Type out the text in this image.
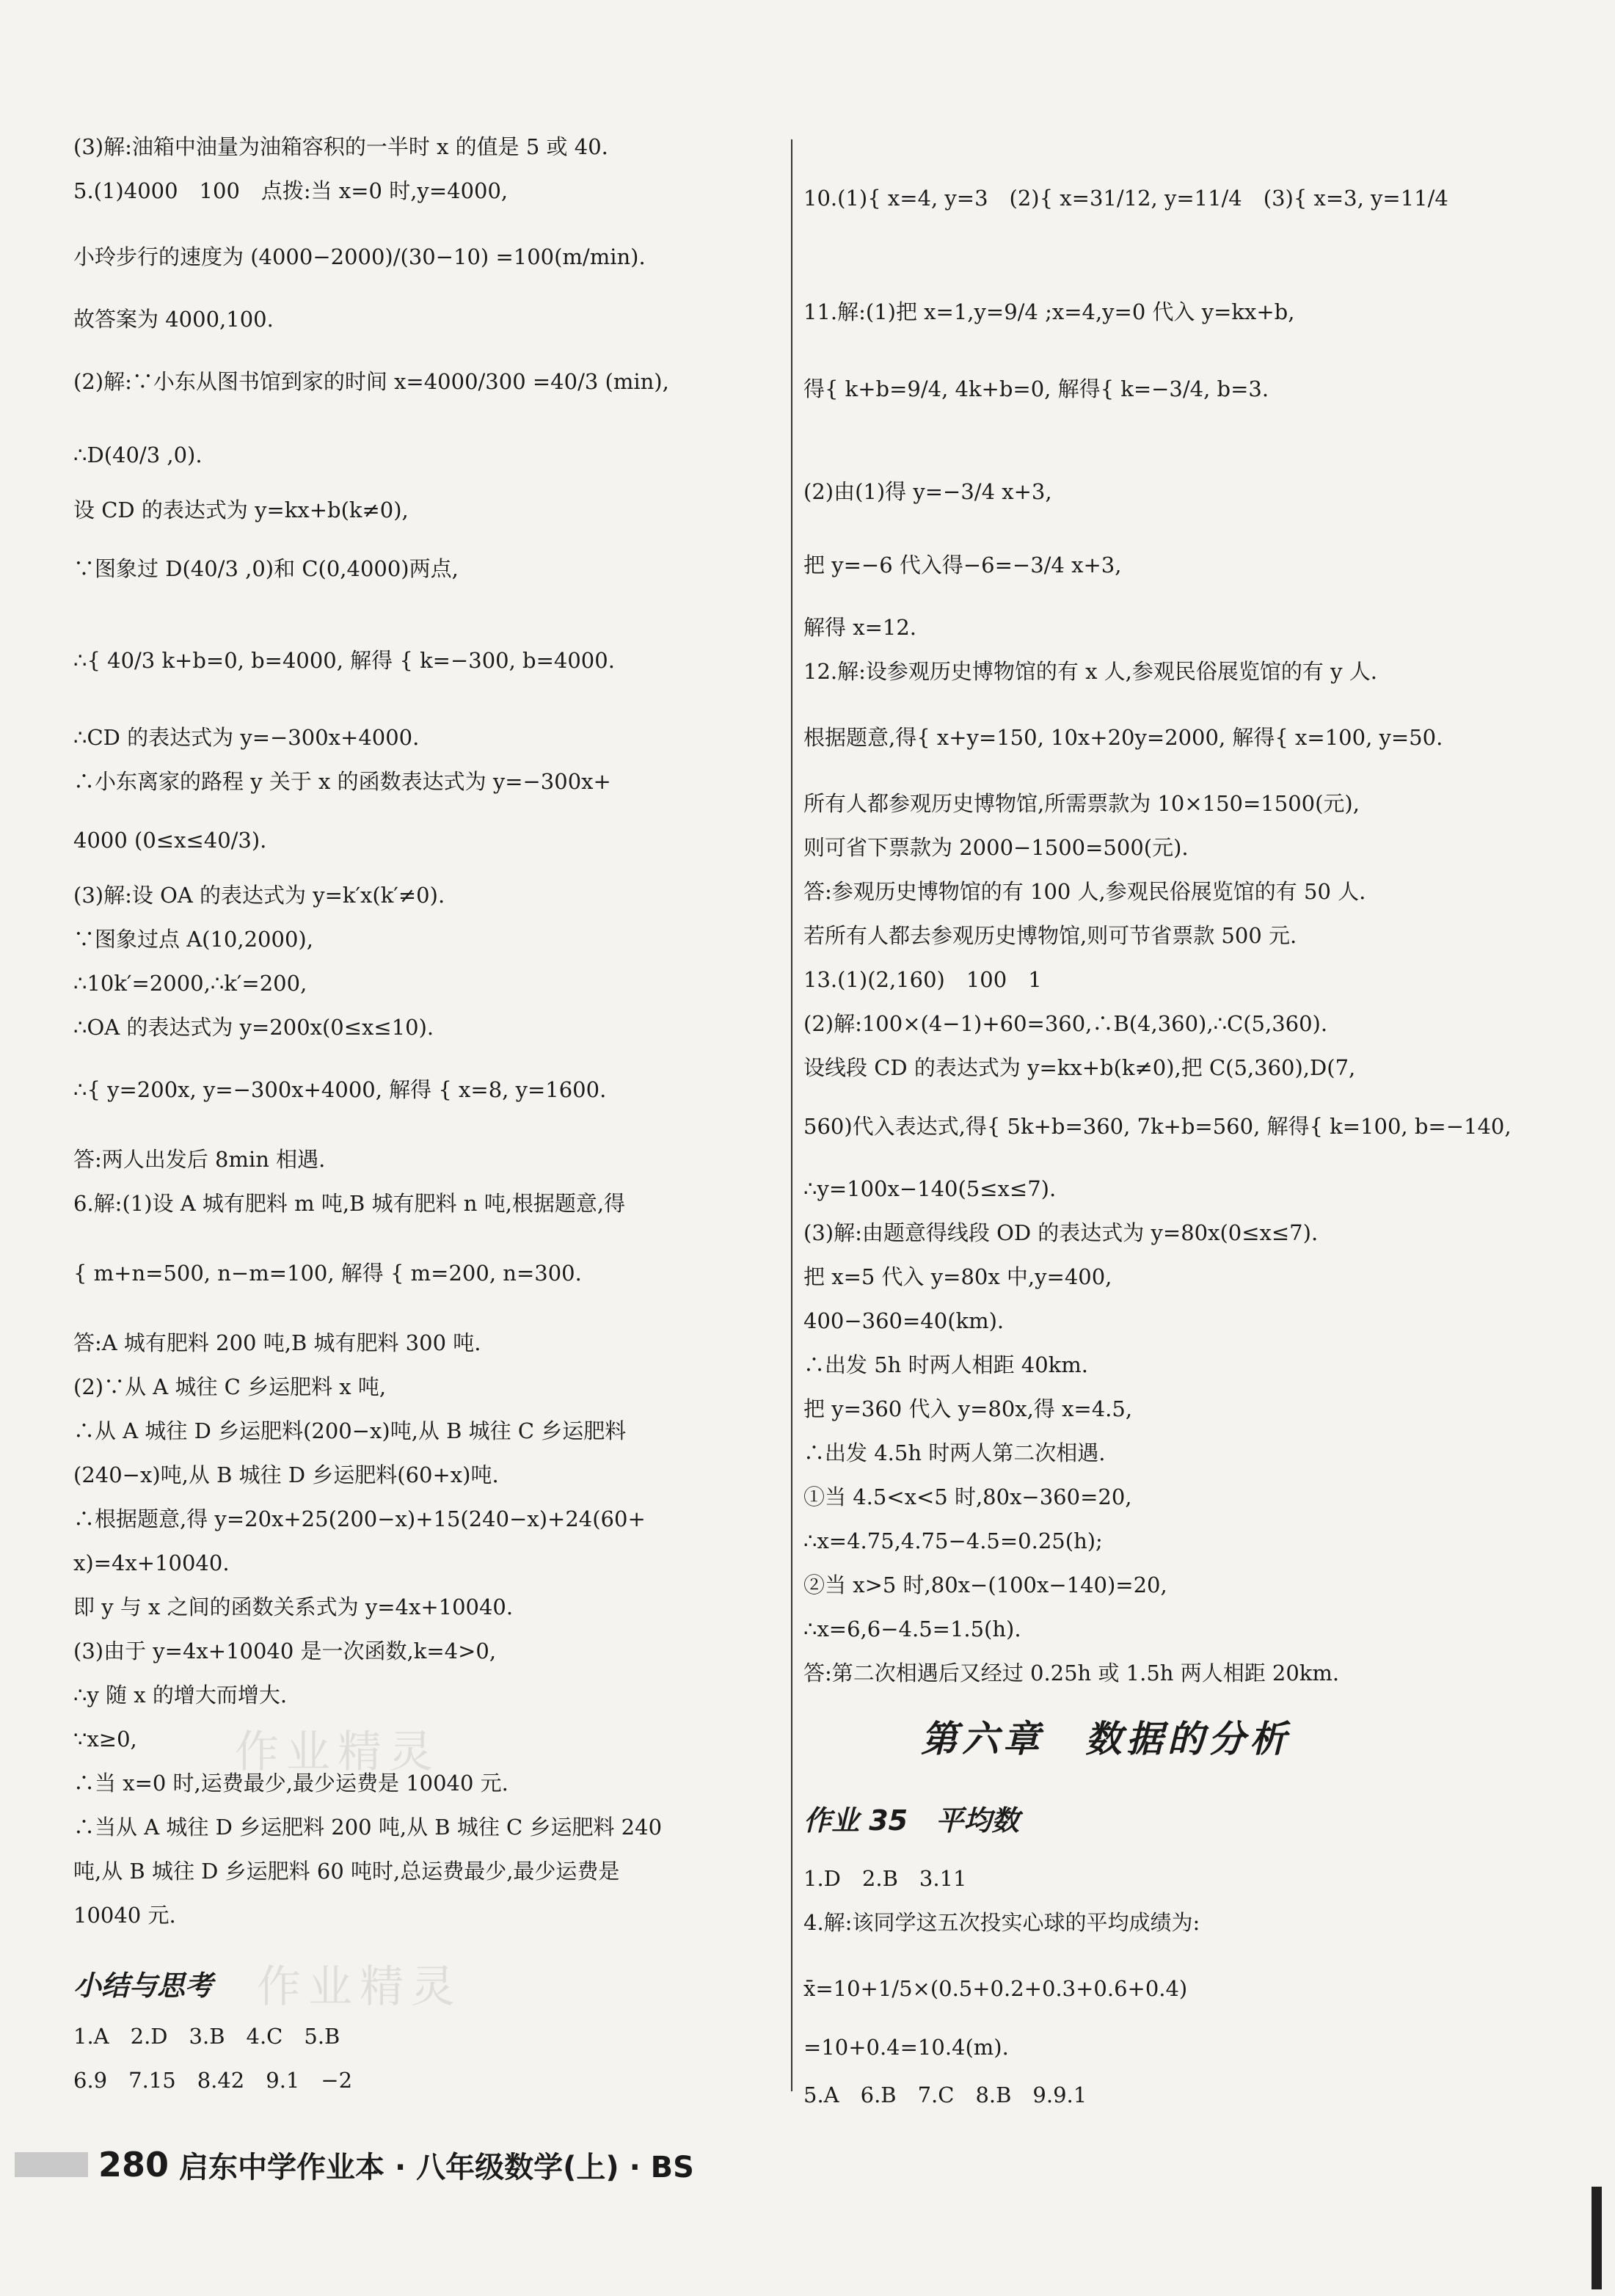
(3)解:油箱中油量为油箱容积的一半时 x 的值是 5 或 40.
5.(1)4000　100　点拨:当 x=0 时,y=4000,
小玲步行的速度为 (4000−2000)/(30−10) =100(m/min).
故答案为 4000,100.
(2)解:∵小东从图书馆到家的时间 x=4000/300 =40/3 (min),
∴D(40/3 ,0).
设 CD 的表达式为 y=kx+b(k≠0),
∵图象过 D(40/3 ,0)和 C(0,4000)两点,
∴{ 40/3 k+b=0, b=4000, 解得 { k=−300, b=4000.
∴CD 的表达式为 y=−300x+4000.
∴小东离家的路程 y 关于 x 的函数表达式为 y=−300x+
4000 (0≤x≤40/3).
(3)解:设 OA 的表达式为 y=k′x(k′≠0).
∵图象过点 A(10,2000),
∴10k′=2000,∴k′=200,
∴OA 的表达式为 y=200x(0≤x≤10).
∴{ y=200x, y=−300x+4000, 解得 { x=8, y=1600.
答:两人出发后 8min 相遇.
6.解:(1)设 A 城有肥料 m 吨,B 城有肥料 n 吨,根据题意,得
{ m+n=500, n−m=100, 解得 { m=200, n=300.
答:A 城有肥料 200 吨,B 城有肥料 300 吨.
(2)∵从 A 城往 C 乡运肥料 x 吨,
∴从 A 城往 D 乡运肥料(200−x)吨,从 B 城往 C 乡运肥料
(240−x)吨,从 B 城往 D 乡运肥料(60+x)吨.
∴根据题意,得 y=20x+25(200−x)+15(240−x)+24(60+
x)=4x+10040.
即 y 与 x 之间的函数关系式为 y=4x+10040.
(3)由于 y=4x+10040 是一次函数,k=4>0,
∴y 随 x 的增大而增大.
∵x≥0,
∴当 x=0 时,运费最少,最少运费是 10040 元.
∴当从 A 城往 D 乡运肥料 200 吨,从 B 城往 C 乡运肥料 240
吨,从 B 城往 D 乡运肥料 60 吨时,总运费最少,最少运费是
10040 元.
小结与思考
1.A　2.D　3.B　4.C　5.B
6.9　7.15　8.42　9.1　−2
10.(1){ x=4, y=3　(2){ x=31/12, y=11/4　(3){ x=3, y=11/4
11.解:(1)把 x=1,y=9/4 ;x=4,y=0 代入 y=kx+b,
得{ k+b=9/4, 4k+b=0, 解得{ k=−3/4, b=3.
(2)由(1)得 y=−3/4 x+3,
把 y=−6 代入得−6=−3/4 x+3,
解得 x=12.
12.解:设参观历史博物馆的有 x 人,参观民俗展览馆的有 y 人.
根据题意,得{ x+y=150, 10x+20y=2000, 解得{ x=100, y=50.
所有人都参观历史博物馆,所需票款为 10×150=1500(元),
则可省下票款为 2000−1500=500(元).
答:参观历史博物馆的有 100 人,参观民俗展览馆的有 50 人.
若所有人都去参观历史博物馆,则可节省票款 500 元.
13.(1)(2,160)　100　1
(2)解:100×(4−1)+60=360,∴B(4,360),∴C(5,360).
设线段 CD 的表达式为 y=kx+b(k≠0),把 C(5,360),D(7,
560)代入表达式,得{ 5k+b=360, 7k+b=560, 解得{ k=100, b=−140,
∴y=100x−140(5≤x≤7).
(3)解:由题意得线段 OD 的表达式为 y=80x(0≤x≤7).
把 x=5 代入 y=80x 中,y=400,
400−360=40(km).
∴出发 5h 时两人相距 40km.
把 y=360 代入 y=80x,得 x=4.5,
∴出发 4.5h 时两人第二次相遇.
①当 4.5<x<5 时,80x−360=20,
∴x=4.75,4.75−4.5=0.25(h);
②当 x>5 时,80x−(100x−140)=20,
∴x=6,6−4.5=1.5(h).
答:第二次相遇后又经过 0.25h 或 1.5h 两人相距 20km.
第六章　数据的分析
作业 35　平均数
1.D　2.B　3.11
4.解:该同学这五次投实心球的平均成绩为:
x̄=10+1/5×(0.5+0.2+0.3+0.6+0.4)
=10+0.4=10.4(m).
5.A　6.B　7.C　8.B　9.9.1
作业精灵
作业精灵
280 启东中学作业本 · 八年级数学(上) · BS
